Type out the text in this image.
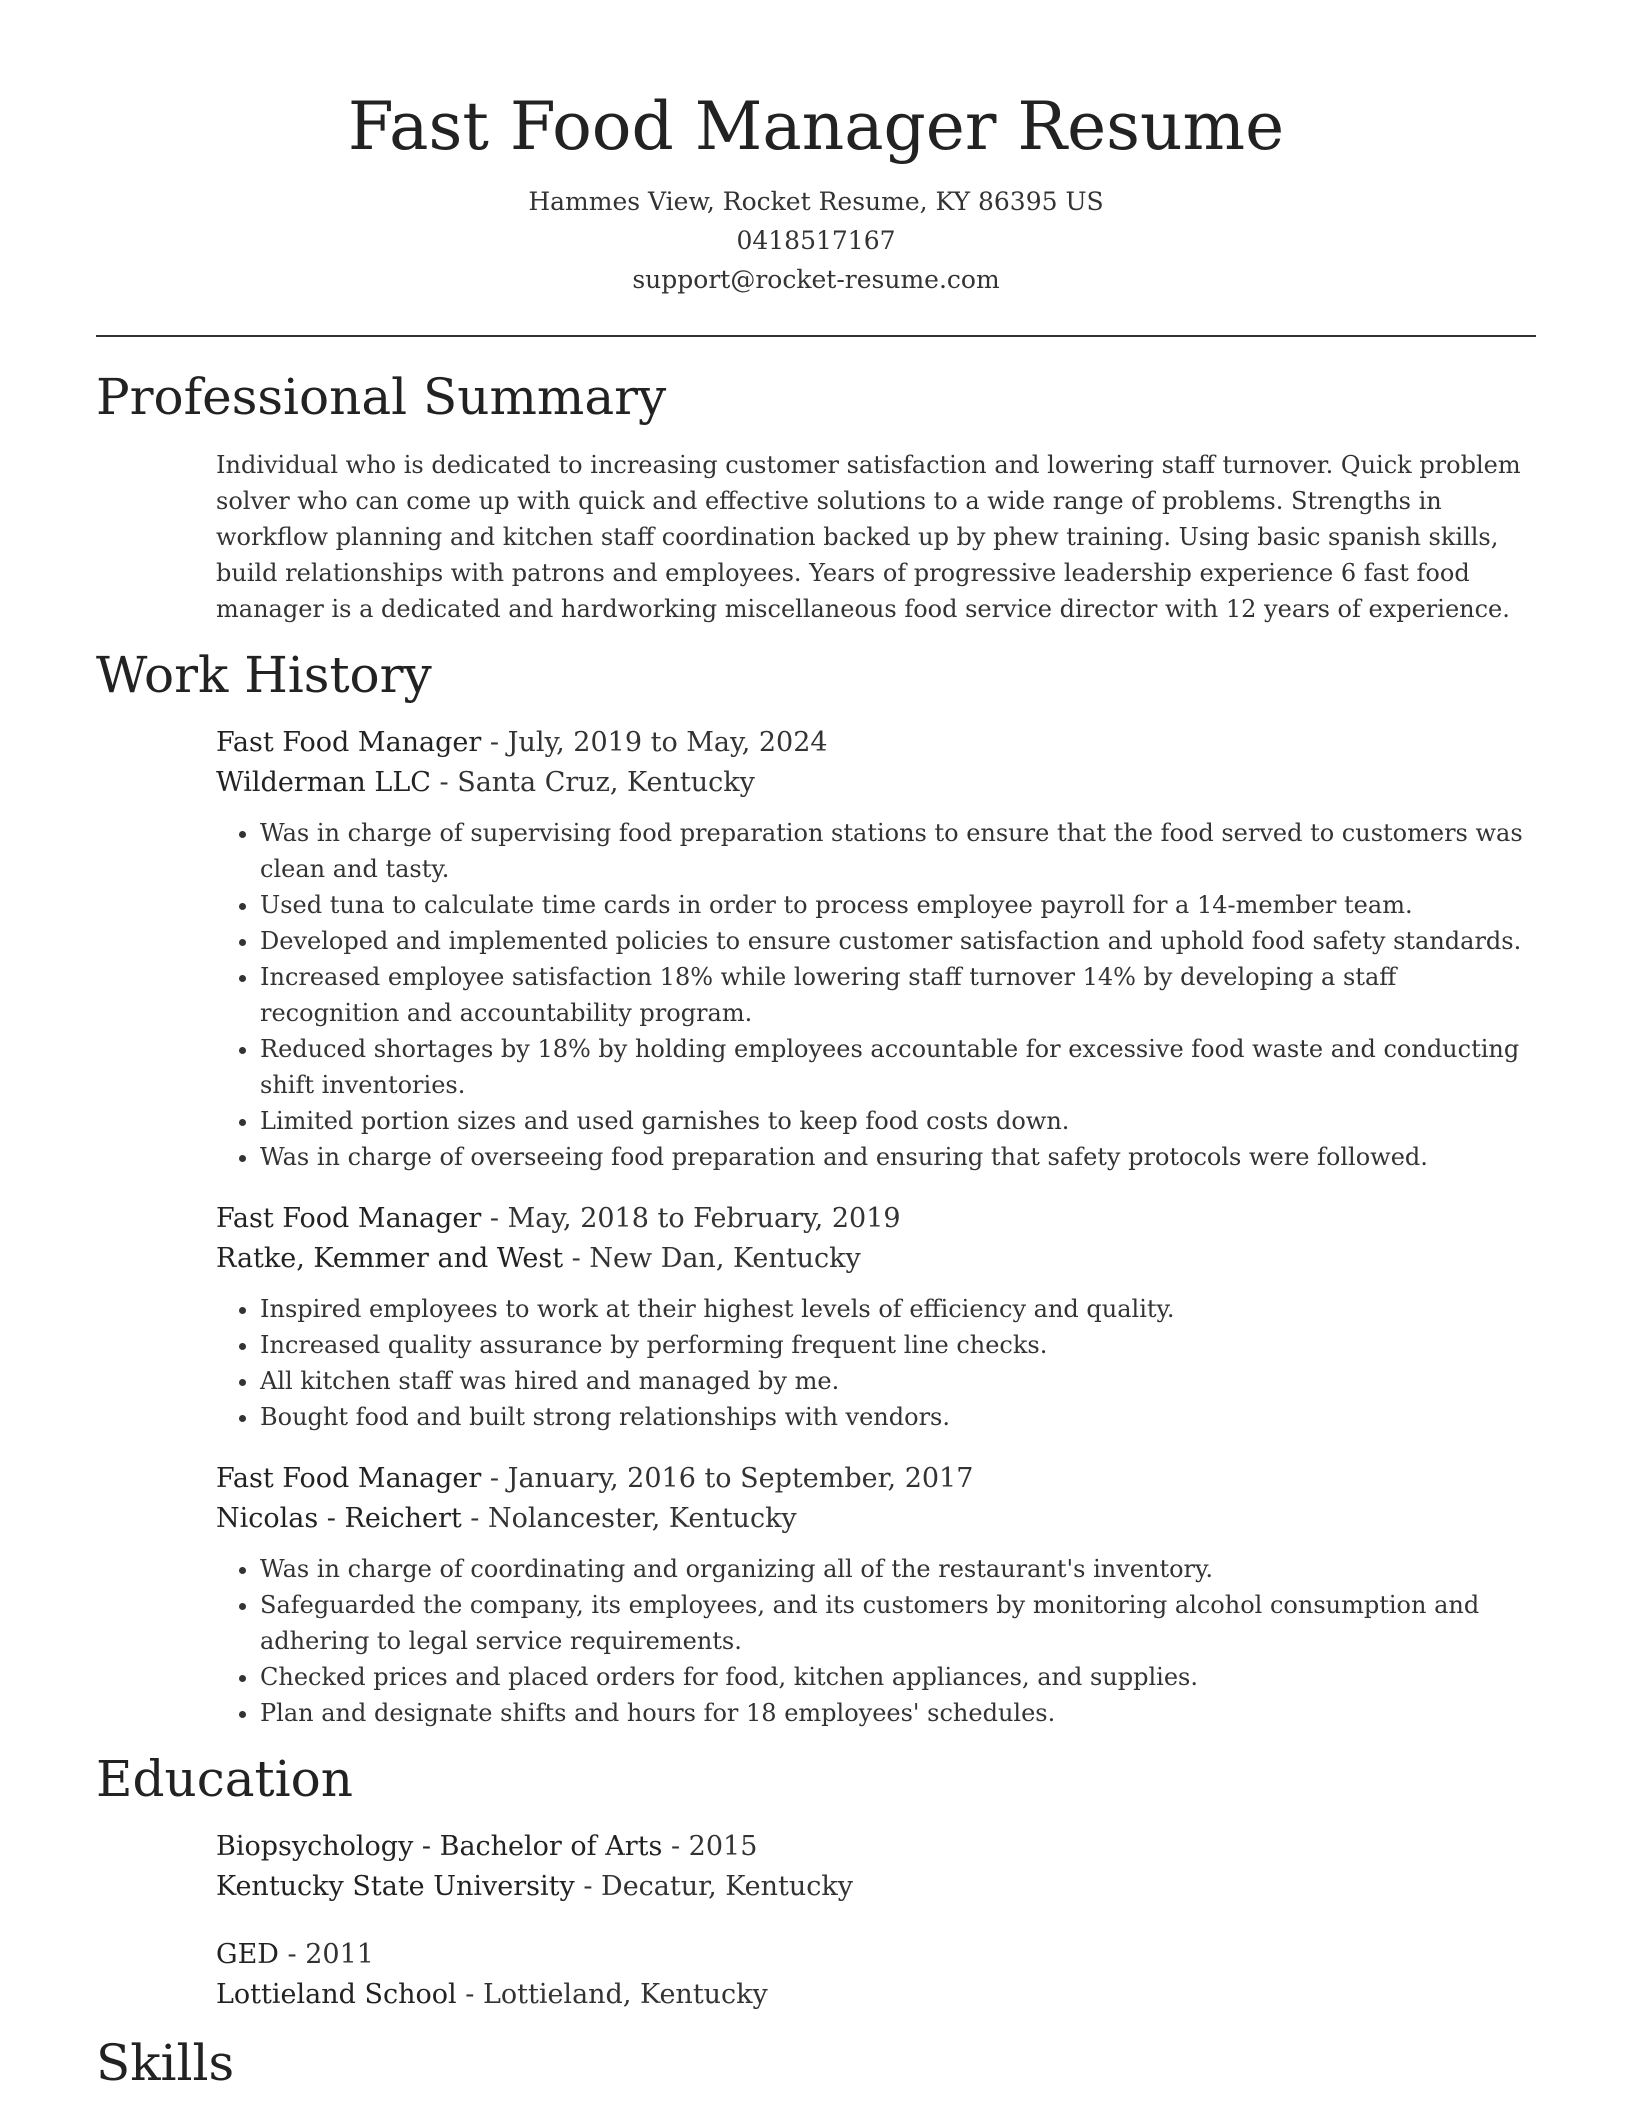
Fast Food Manager Resume
Hammes View, Rocket Resume, KY 86395 US
0418517167
support@rocket-resume.com
Professional Summary

Individual who is dedicated to increasing customer satisfaction and lowering staff turnover. Quick problem solver who can come up with quick and effective solutions to a wide range of problems. Strengths in workflow planning and kitchen staff coordination backed up by phew training. Using basic spanish skills, build relationships with patrons and employees. Years of progressive leadership experience 6 fast food manager is a dedicated and hardworking miscellaneous food service director with 12 years of experience.

Work History
Fast Food Manager - July, 2019 to May, 2024
Wilderman LLC - Santa Cruz, Kentucky
• Was in charge of supervising food preparation stations to ensure that the food served to customers was clean and tasty.
• Used tuna to calculate time cards in order to process employee payroll for a 14-member team.
• Developed and implemented policies to ensure customer satisfaction and uphold food safety standards.
• Increased employee satisfaction 18% while lowering staff turnover 14% by developing a staff recognition and accountability program.
• Reduced shortages by 18% by holding employees accountable for excessive food waste and conducting shift inventories.
• Limited portion sizes and used garnishes to keep food costs down.
• Was in charge of overseeing food preparation and ensuring that safety protocols were followed.
Fast Food Manager - May, 2018 to February, 2019
Ratke, Kemmer and West - New Dan, Kentucky
• Inspired employees to work at their highest levels of efficiency and quality.
• Increased quality assurance by performing frequent line checks.
• All kitchen staff was hired and managed by me.
• Bought food and built strong relationships with vendors.
Fast Food Manager - January, 2016 to September, 2017
Nicolas - Reichert - Nolancester, Kentucky
• Was in charge of coordinating and organizing all of the restaurant's inventory.
• Safeguarded the company, its employees, and its customers by monitoring alcohol consumption and adhering to legal service requirements.
• Checked prices and placed orders for food, kitchen appliances, and supplies.
• Plan and designate shifts and hours for 18 employees' schedules.
Education
Biopsychology - Bachelor of Arts - 2015
Kentucky State University - Decatur, Kentucky
GED - 2011
Lottieland School - Lottieland, Kentucky
Skills
